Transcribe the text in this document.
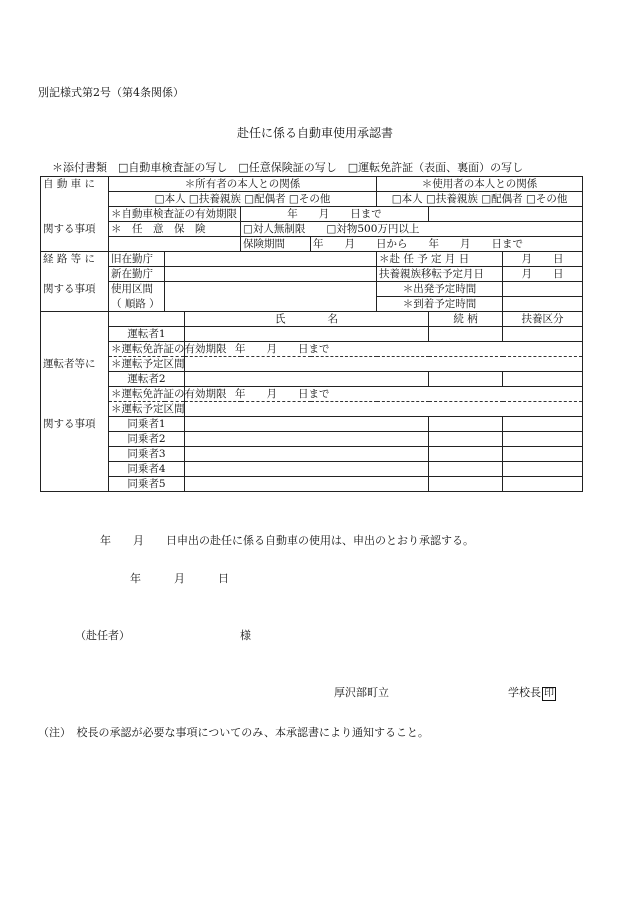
別記様式第2号（第4条関係）
赴任に係る自動車使用承認書
＊添付書類　□自動車検査証の写し　□任意保険証の写し　□運転免許証（表面、裏面）の写し
自 動 車 に	＊所有者の本人との関係					＊使用者の本人との関係		
	□本人 □扶養親族 □配偶者 □その他					□本人 □扶養親族 □配偶者 □その他		
	＊自動車検査証の有効期限			年　　月　　日まで				
関する事項	＊　任　意　保　険			□対人無制限　　□対物500万円以上				
				保険期間	年　　月　　日から　　年　　月　　日まで			
経 路 等 に	旧在勤庁					＊赴 任 予 定 月 日		月　　日
	新在勤庁					扶養親族移転予定月日		月　　日
関する事項	使用区間					＊出発予定時間		
	（ 順路 ）					＊到着予定時間		
			氏　　　　名				続 柄	扶養区分
	運転者1							
	＊運転免許証の有効期限		年　　月　　日まで					
運転者等に	＊運転予定区間							
	運転者2							
	＊運転免許証の有効期限		年　　月　　日まで					
	＊運転予定区間							
関する事項	同乗者1							
	同乗者2							
	同乗者3							
	同乗者4							
	同乗者5							
年　　月　　日申出の赴任に係る自動車の使用は、申出のとおり承認する。
年　　　月　　　日
（赴任者）	様
厚沢部町立	学校長 印
（注）　校長の承認が必要な事項についてのみ、本承認書により通知すること。
